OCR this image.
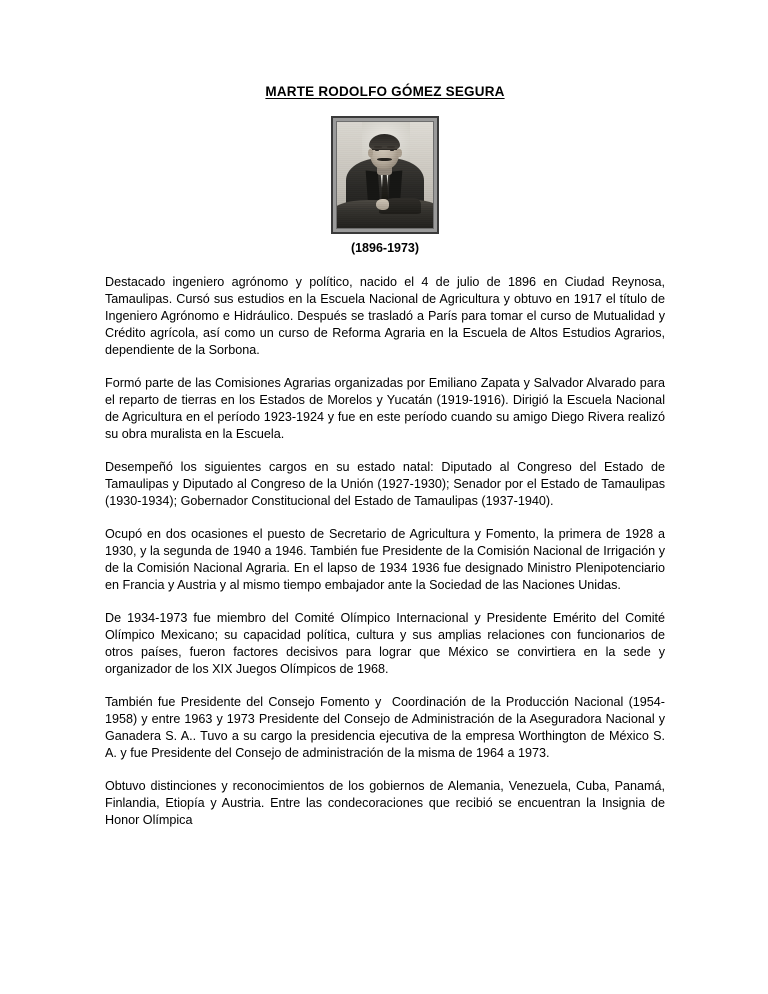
MARTE RODOLFO GÓMEZ SEGURA
(1896-1973)

Destacado ingeniero agrónomo y político, nacido el 4 de julio de 1896 en Ciudad Reynosa, Tamaulipas. Cursó sus estudios en la Escuela Nacional de Agricultura y obtuvo en 1917 el título de Ingeniero Agrónomo e Hidráulico. Después se trasladó a París para tomar el curso de Mutualidad y Crédito agrícola, así como un curso de Reforma Agraria en la Escuela de Altos Estudios Agrarios, dependiente de la Sorbona.

Formó parte de las Comisiones Agrarias organizadas por Emiliano Zapata y Salvador Alvarado para el reparto de tierras en los Estados de Morelos y Yucatán (1919-1916). Dirigió la Escuela Nacional de Agricultura en el período 1923-1924 y fue en este período cuando su amigo Diego Rivera realizó su obra muralista en la Escuela.

Desempeñó los siguientes cargos en su estado natal: Diputado al Congreso del Estado de Tamaulipas y Diputado al Congreso de la Unión (1927-1930); Senador por el Estado de Tamaulipas (1930-1934); Gobernador Constitucional del Estado de Tamaulipas (1937-1940).

Ocupó en dos ocasiones el puesto de Secretario de Agricultura y Fomento, la primera de 1928 a 1930, y la segunda de 1940 a 1946. También fue Presidente de la Comisión Nacional de Irrigación y de la Comisión Nacional Agraria. En el lapso de 1934 1936 fue designado Ministro Plenipotenciario en Francia y Austria y al mismo tiempo embajador ante la Sociedad de las Naciones Unidas.

De 1934-1973 fue miembro del Comité Olímpico Internacional y Presidente Emérito del Comité Olímpico Mexicano; su capacidad política, cultura y sus amplias relaciones con funcionarios de otros países, fueron factores decisivos para lograr que México se convirtiera en la sede y organizador de los XIX Juegos Olímpicos de 1968.

También fue Presidente del Consejo Fomento y  Coordinación de la Producción Nacional (1954-1958) y entre 1963 y 1973 Presidente del Consejo de Administración de la Aseguradora Nacional y Ganadera S. A.. Tuvo a su cargo la presidencia ejecutiva de la empresa Worthington de México S. A. y fue Presidente del Consejo de administración de la misma de 1964 a 1973.

Obtuvo distinciones y reconocimientos de los gobiernos de Alemania, Venezuela, Cuba, Panamá, Finlandia, Etiopía y Austria. Entre las condecoraciones que recibió se encuentran la Insignia de Honor Olímpica
